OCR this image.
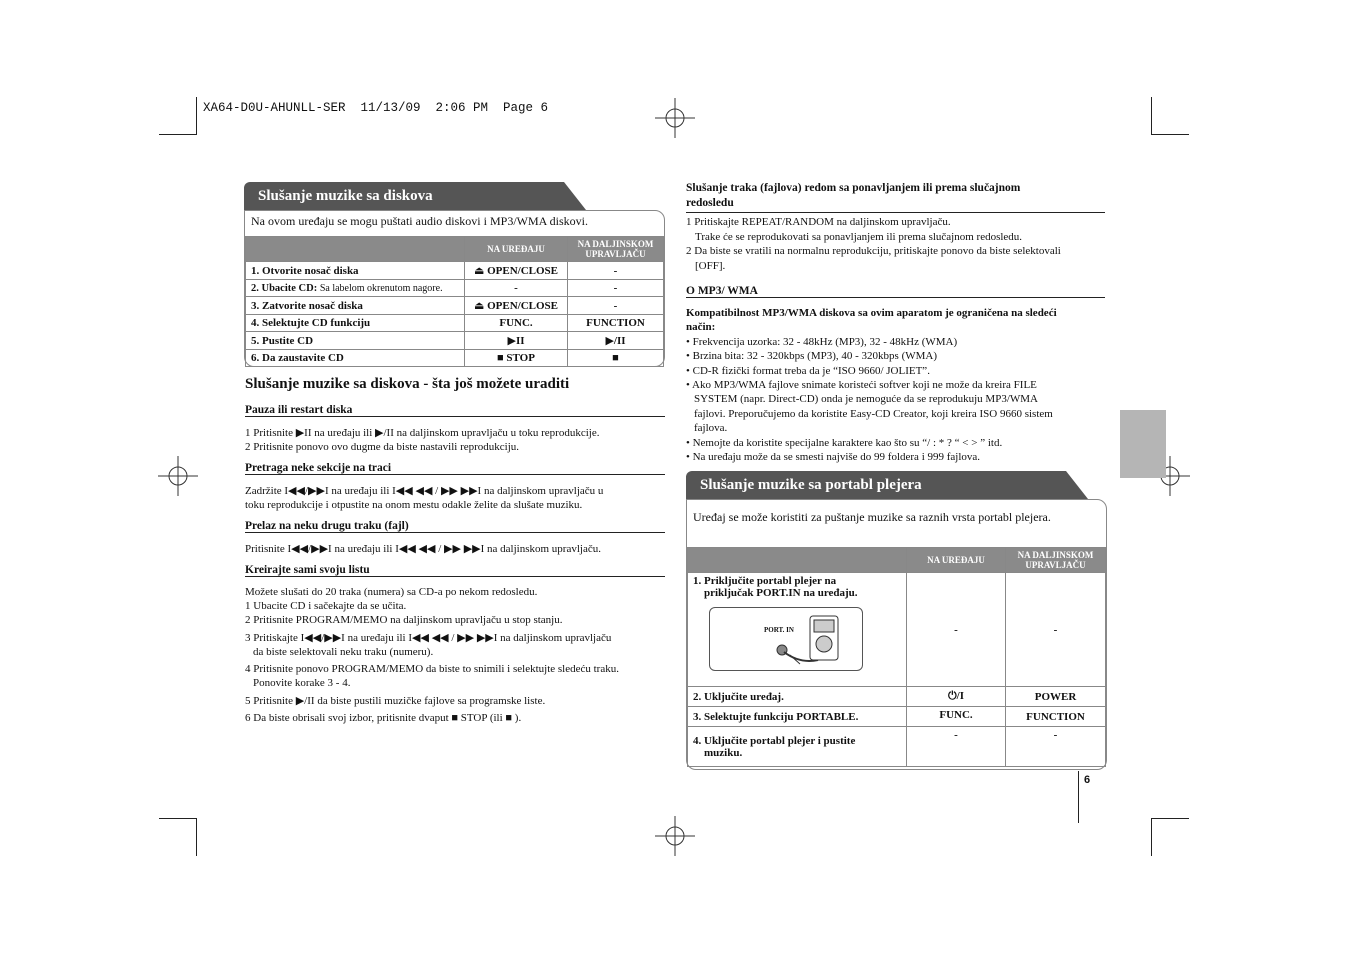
XA64-D0U-AHUNLL-SER  11/13/09  2:06 PM  Page 6
Slušanje muzike sa diskova
Na ovom uređaju se mogu puštati audio diskovi i MP3/WMA diskovi.
	NA UREĐAJU	NA DALJINSKOM UPRAVLJAČU
1. Otvorite nosač diska	⏏ OPEN/CLOSE	-
2. Ubacite CD: Sa labelom okrenutom nagore.	-	-
3. Zatvorite nosač diska	⏏ OPEN/CLOSE	-
4. Selektujte CD funkciju	FUNC.	FUNCTION
5. Pustite CD	▶II	▶/II
6. Da zaustavite CD	■ STOP	■
Slušanje muzike sa diskova - šta još možete uraditi
Pauza ili restart diska
1 Pritisnite ▶II na uređaju ili ▶/II na daljinskom upravljaču u toku reprodukcije.
2 Pritisnite ponovo ovo dugme da biste nastavili reprodukciju.
Pretraga neke sekcije na traci
Zadržite I◀◀/▶▶I na uređaju ili I◀◀ ◀◀ / ▶▶ ▶▶I na daljinskom upravljaču u
toku reprodukcije i otpustite na onom mestu odakle želite da slušate muziku.
Prelaz na neku drugu traku (fajl)
Pritisnite I◀◀/▶▶I na uređaju ili I◀◀ ◀◀ / ▶▶ ▶▶I na daljinskom upravljaču.
Kreirajte sami svoju listu
Možete slušati do 20 traka (numera) sa CD-a po nekom redosledu.
1 Ubacite CD i sačekajte da se učita.
2 Pritisnite PROGRAM/MEMO na daljinskom upravljaču u stop stanju.
3 Pritiskajte I◀◀/▶▶I na uređaju ili I◀◀ ◀◀ / ▶▶ ▶▶I na daljinskom upravljaču
da biste selektovali neku traku (numeru).
4 Pritisnite ponovo PROGRAM/MEMO da biste to snimili i selektujte sledeću traku.
Ponovite korake 3 - 4.
5 Pritisnite ▶/II da biste pustili muzičke fajlove sa programske liste.
6 Da biste obrisali svoj izbor, pritisnite dvaput ■ STOP (ili ■ ).
Slušanje traka (fajlova) redom sa ponavljanjem ili prema slučajnom
redosledu
1 Pritiskajte REPEAT/RANDOM na daljinskom upravljaču.
Trake će se reprodukovati sa ponavljanjem ili prema slučajnom redosledu.
2 Da biste se vratili na normalnu reprodukciju, pritiskajte ponovo da biste selektovali
[OFF].
O MP3/ WMA
Kompatibilnost MP3/WMA diskova sa ovim aparatom je ograničena na sledeći
način:
• Frekvencija uzorka: 32 - 48kHz (MP3), 32 - 48kHz (WMA)
• Brzina bita: 32 - 320kbps (MP3), 40 - 320kbps (WMA)
• CD-R fizički format treba da je “ISO 9660/ JOLIET”.
• Ako MP3/WMA fajlove snimate koristeći softver koji ne može da kreira FILE
SYSTEM (napr. Direct-CD) onda je nemoguće da se reprodukuju MP3/WMA
fajlovi. Preporučujemo da koristite Easy-CD Creator, koji kreira ISO 9660 sistem
fajlova.
• Nemojte da koristite specijalne karaktere kao što su “/ : * ? “ < > ” itd.
• Na uređaju može da se smesti najviše do 99 foldera i 999 fajlova.
Slušanje muzike sa portabl plejera
Uređaj se može koristiti za puštanje muzike sa raznih vrsta portabl plejera.
	NA UREĐAJU	NA DALJINSKOM UPRAVLJAČU

1. Priključite portabl plejer na
priključak PORT.IN na uređaju.
PORT. IN	-	-
2. Uključite uređaj.	⏻/I	POWER
3. Selektujte funkciju PORTABLE.	FUNC.	FUNCTION

4. Uključite portabl plejer i pustite
muziku.	-	-
6
